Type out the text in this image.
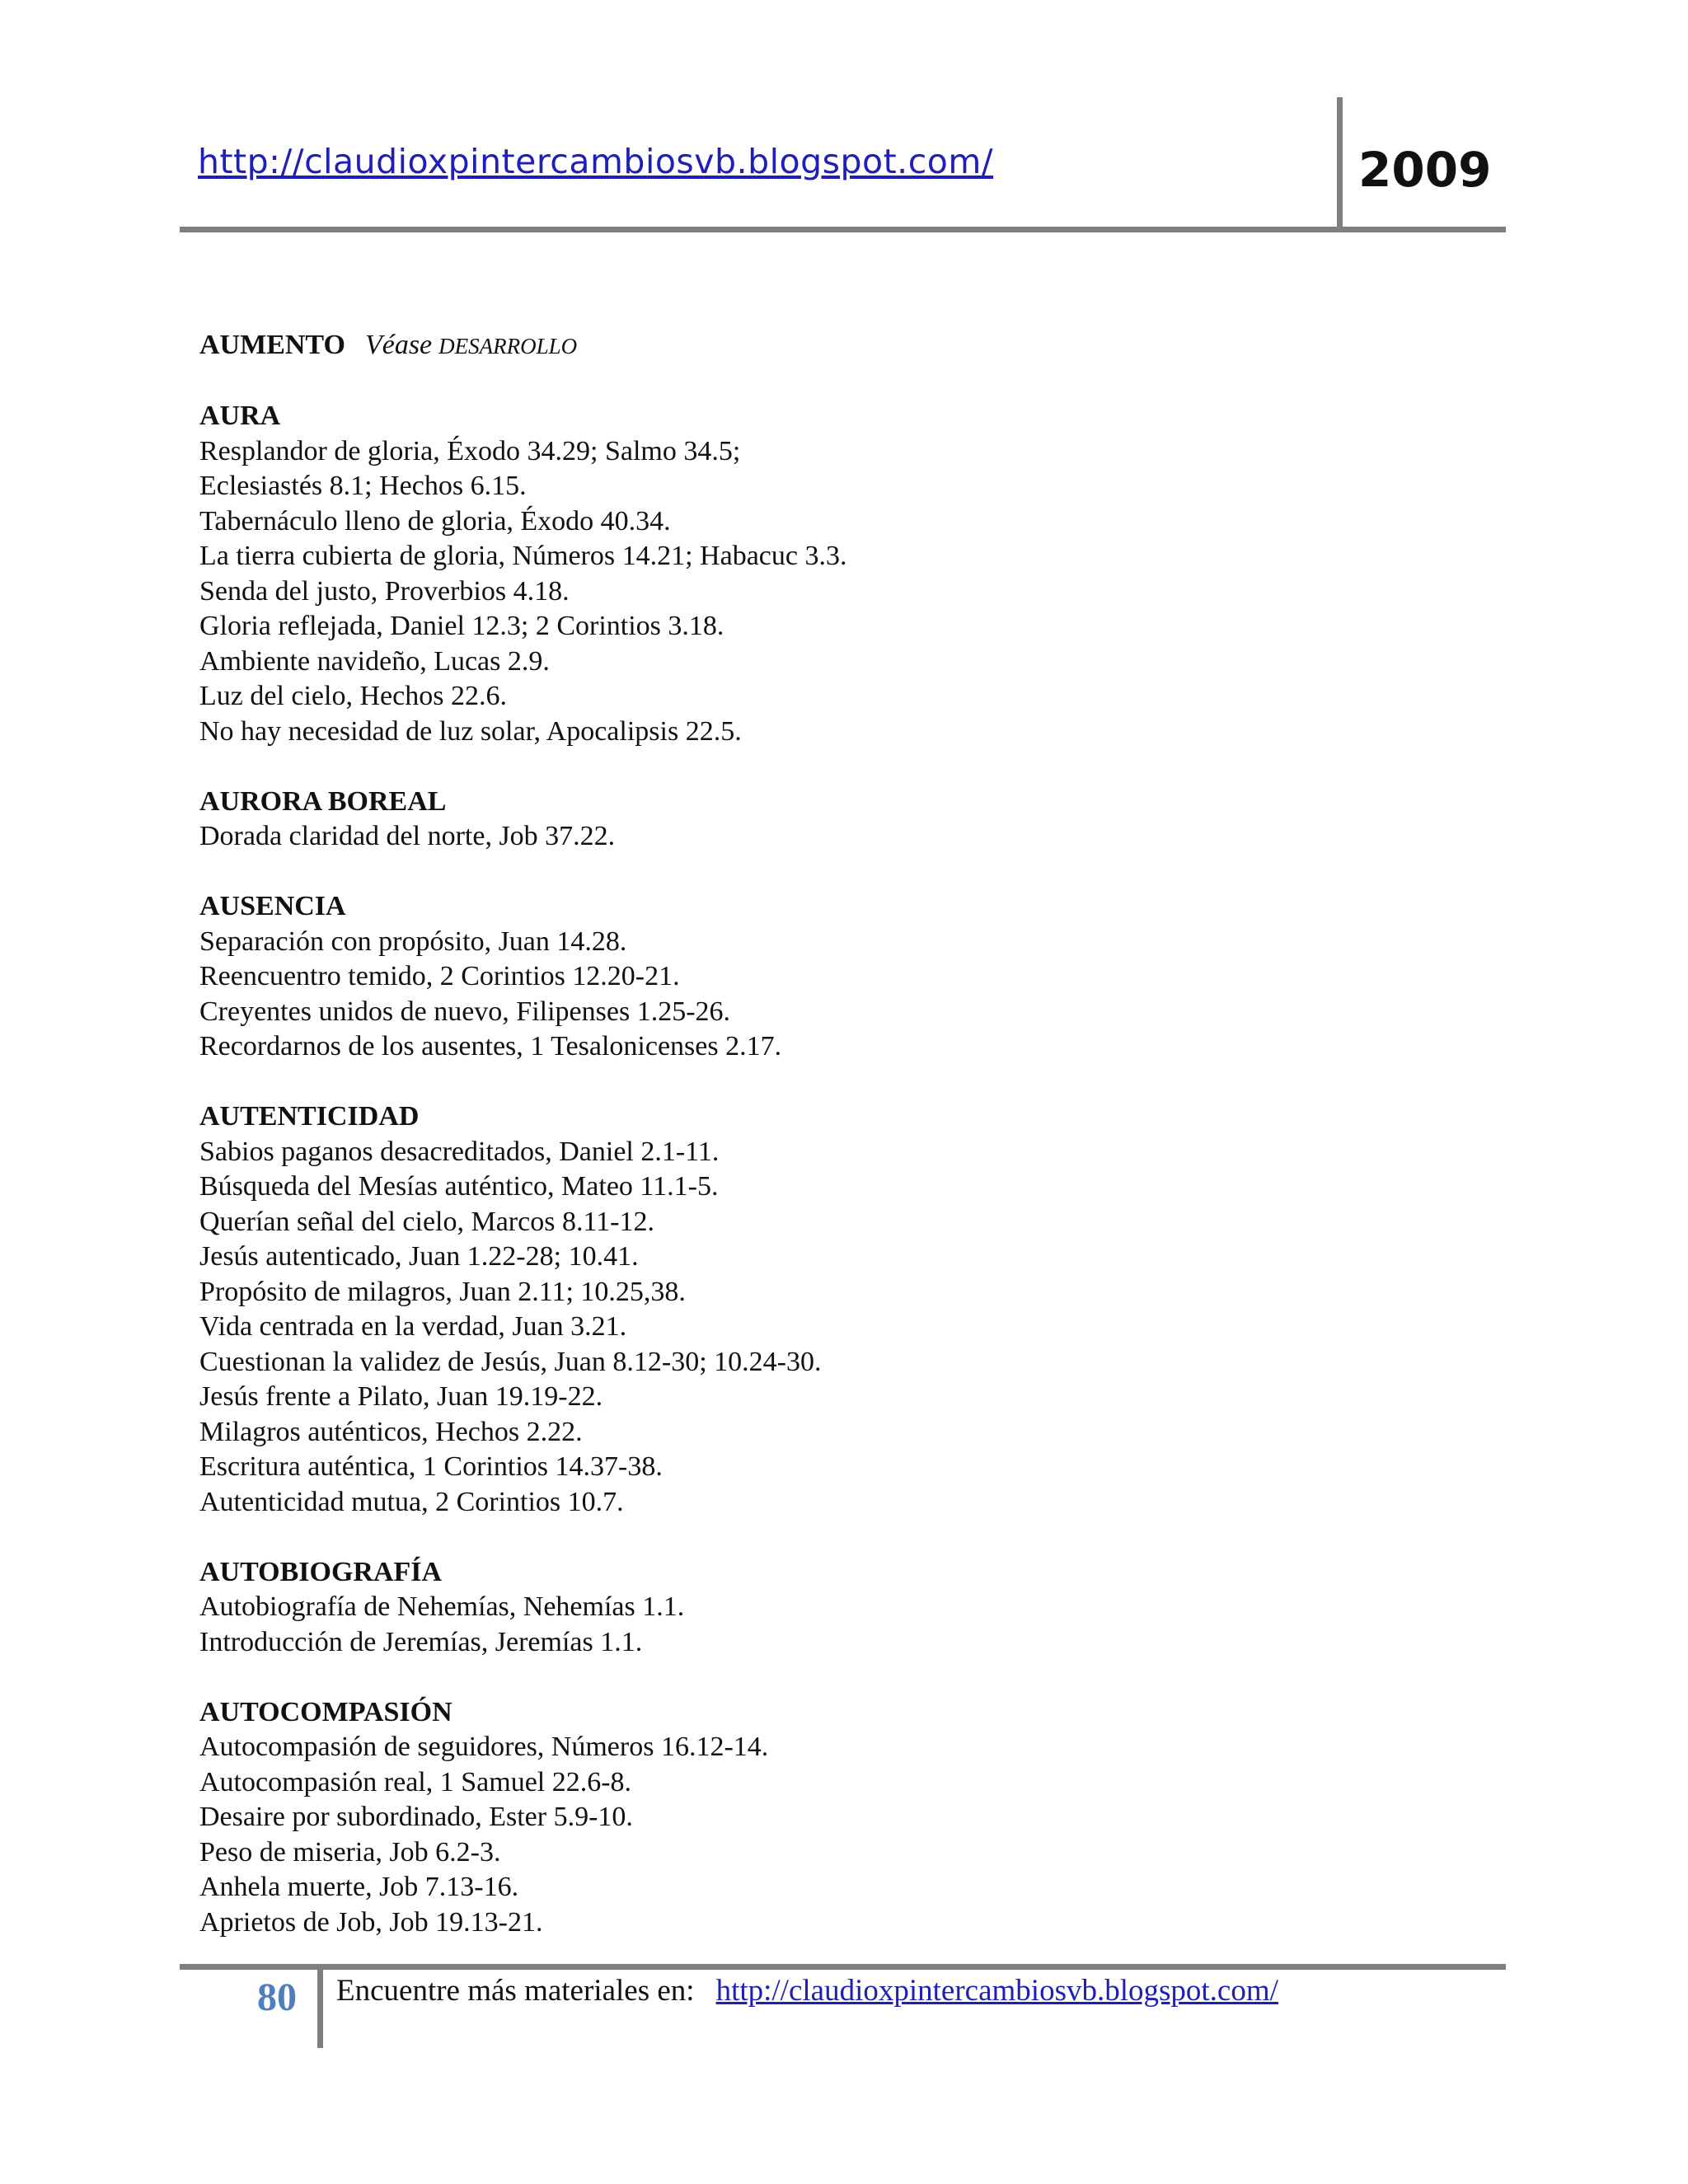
http://claudioxpintercambiosvb.blogspot.com/	2009
AUMENTO Véase DESARROLLO
AURA
Resplandor de gloria, Éxodo 34.29; Salmo 34.5;
Eclesiastés 8.1; Hechos 6.15.
Tabernáculo lleno de gloria, Éxodo 40.34.
La tierra cubierta de gloria, Números 14.21; Habacuc 3.3.
Senda del justo, Proverbios 4.18.
Gloria reflejada, Daniel 12.3; 2 Corintios 3.18.
Ambiente navideño, Lucas 2.9.
Luz del cielo, Hechos 22.6.
No hay necesidad de luz solar, Apocalipsis 22.5.
AURORA BOREAL
Dorada claridad del norte, Job 37.22.
AUSENCIA
Separación con propósito, Juan 14.28.
Reencuentro temido, 2 Corintios 12.20-21.
Creyentes unidos de nuevo, Filipenses 1.25-26.
Recordarnos de los ausentes, 1 Tesalonicenses 2.17.
AUTENTICIDAD
Sabios paganos desacreditados, Daniel 2.1-11.
Búsqueda del Mesías auténtico, Mateo 11.1-5.
Querían señal del cielo, Marcos 8.11-12.
Jesús autenticado, Juan 1.22-28; 10.41.
Propósito de milagros, Juan 2.11; 10.25,38.
Vida centrada en la verdad, Juan 3.21.
Cuestionan la validez de Jesús, Juan 8.12-30; 10.24-30.
Jesús frente a Pilato, Juan 19.19-22.
Milagros auténticos, Hechos 2.22.
Escritura auténtica, 1 Corintios 14.37-38.
Autenticidad mutua, 2 Corintios 10.7.
AUTOBIOGRAFÍA
Autobiografía de Nehemías, Nehemías 1.1.
Introducción de Jeremías, Jeremías 1.1.
AUTOCOMPASIÓN
Autocompasión de seguidores, Números 16.12-14.
Autocompasión real, 1 Samuel 22.6-8.
Desaire por subordinado, Ester 5.9-10.
Peso de miseria, Job 6.2-3.
Anhela muerte, Job 7.13-16.
Aprietos de Job, Job 19.13-21.
80	Encuentre más materiales en: http://claudioxpintercambiosvb.blogspot.com/
